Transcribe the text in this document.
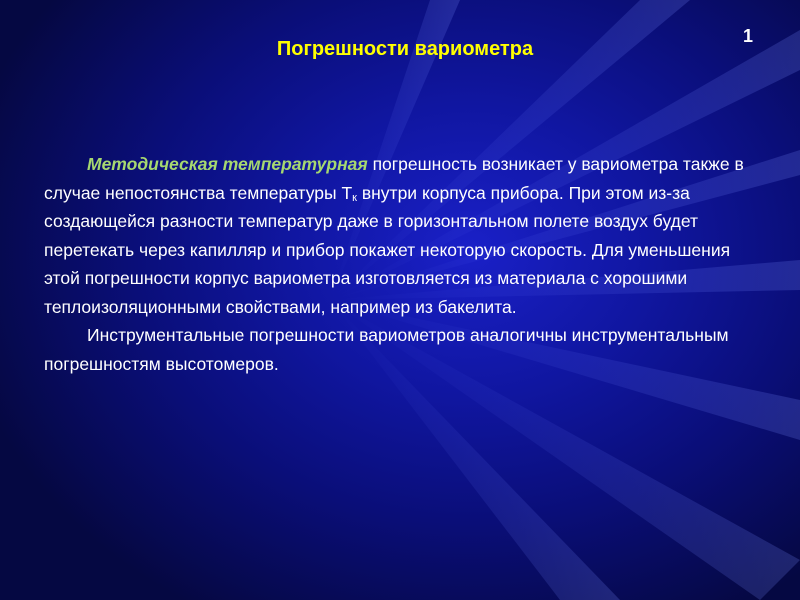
1
Погрешности вариометра

Методическая температурная погрешность возникает у вариометра также в случае непостоянства температуры $Т_к$ внутри корпуса прибора. При этом из-за создающейся разности температур даже в горизонтальном полете воздух будет перетекать через капилляр и прибор покажет некоторую скорость. Для уменьшения этой погрешности корпус вариометра изготовляется из материала с хорошими теплоизоляционными свойствами, например из бакелита.

Инструментальные погрешности вариометров аналогичны инструментальным погрешностям высотомеров.
